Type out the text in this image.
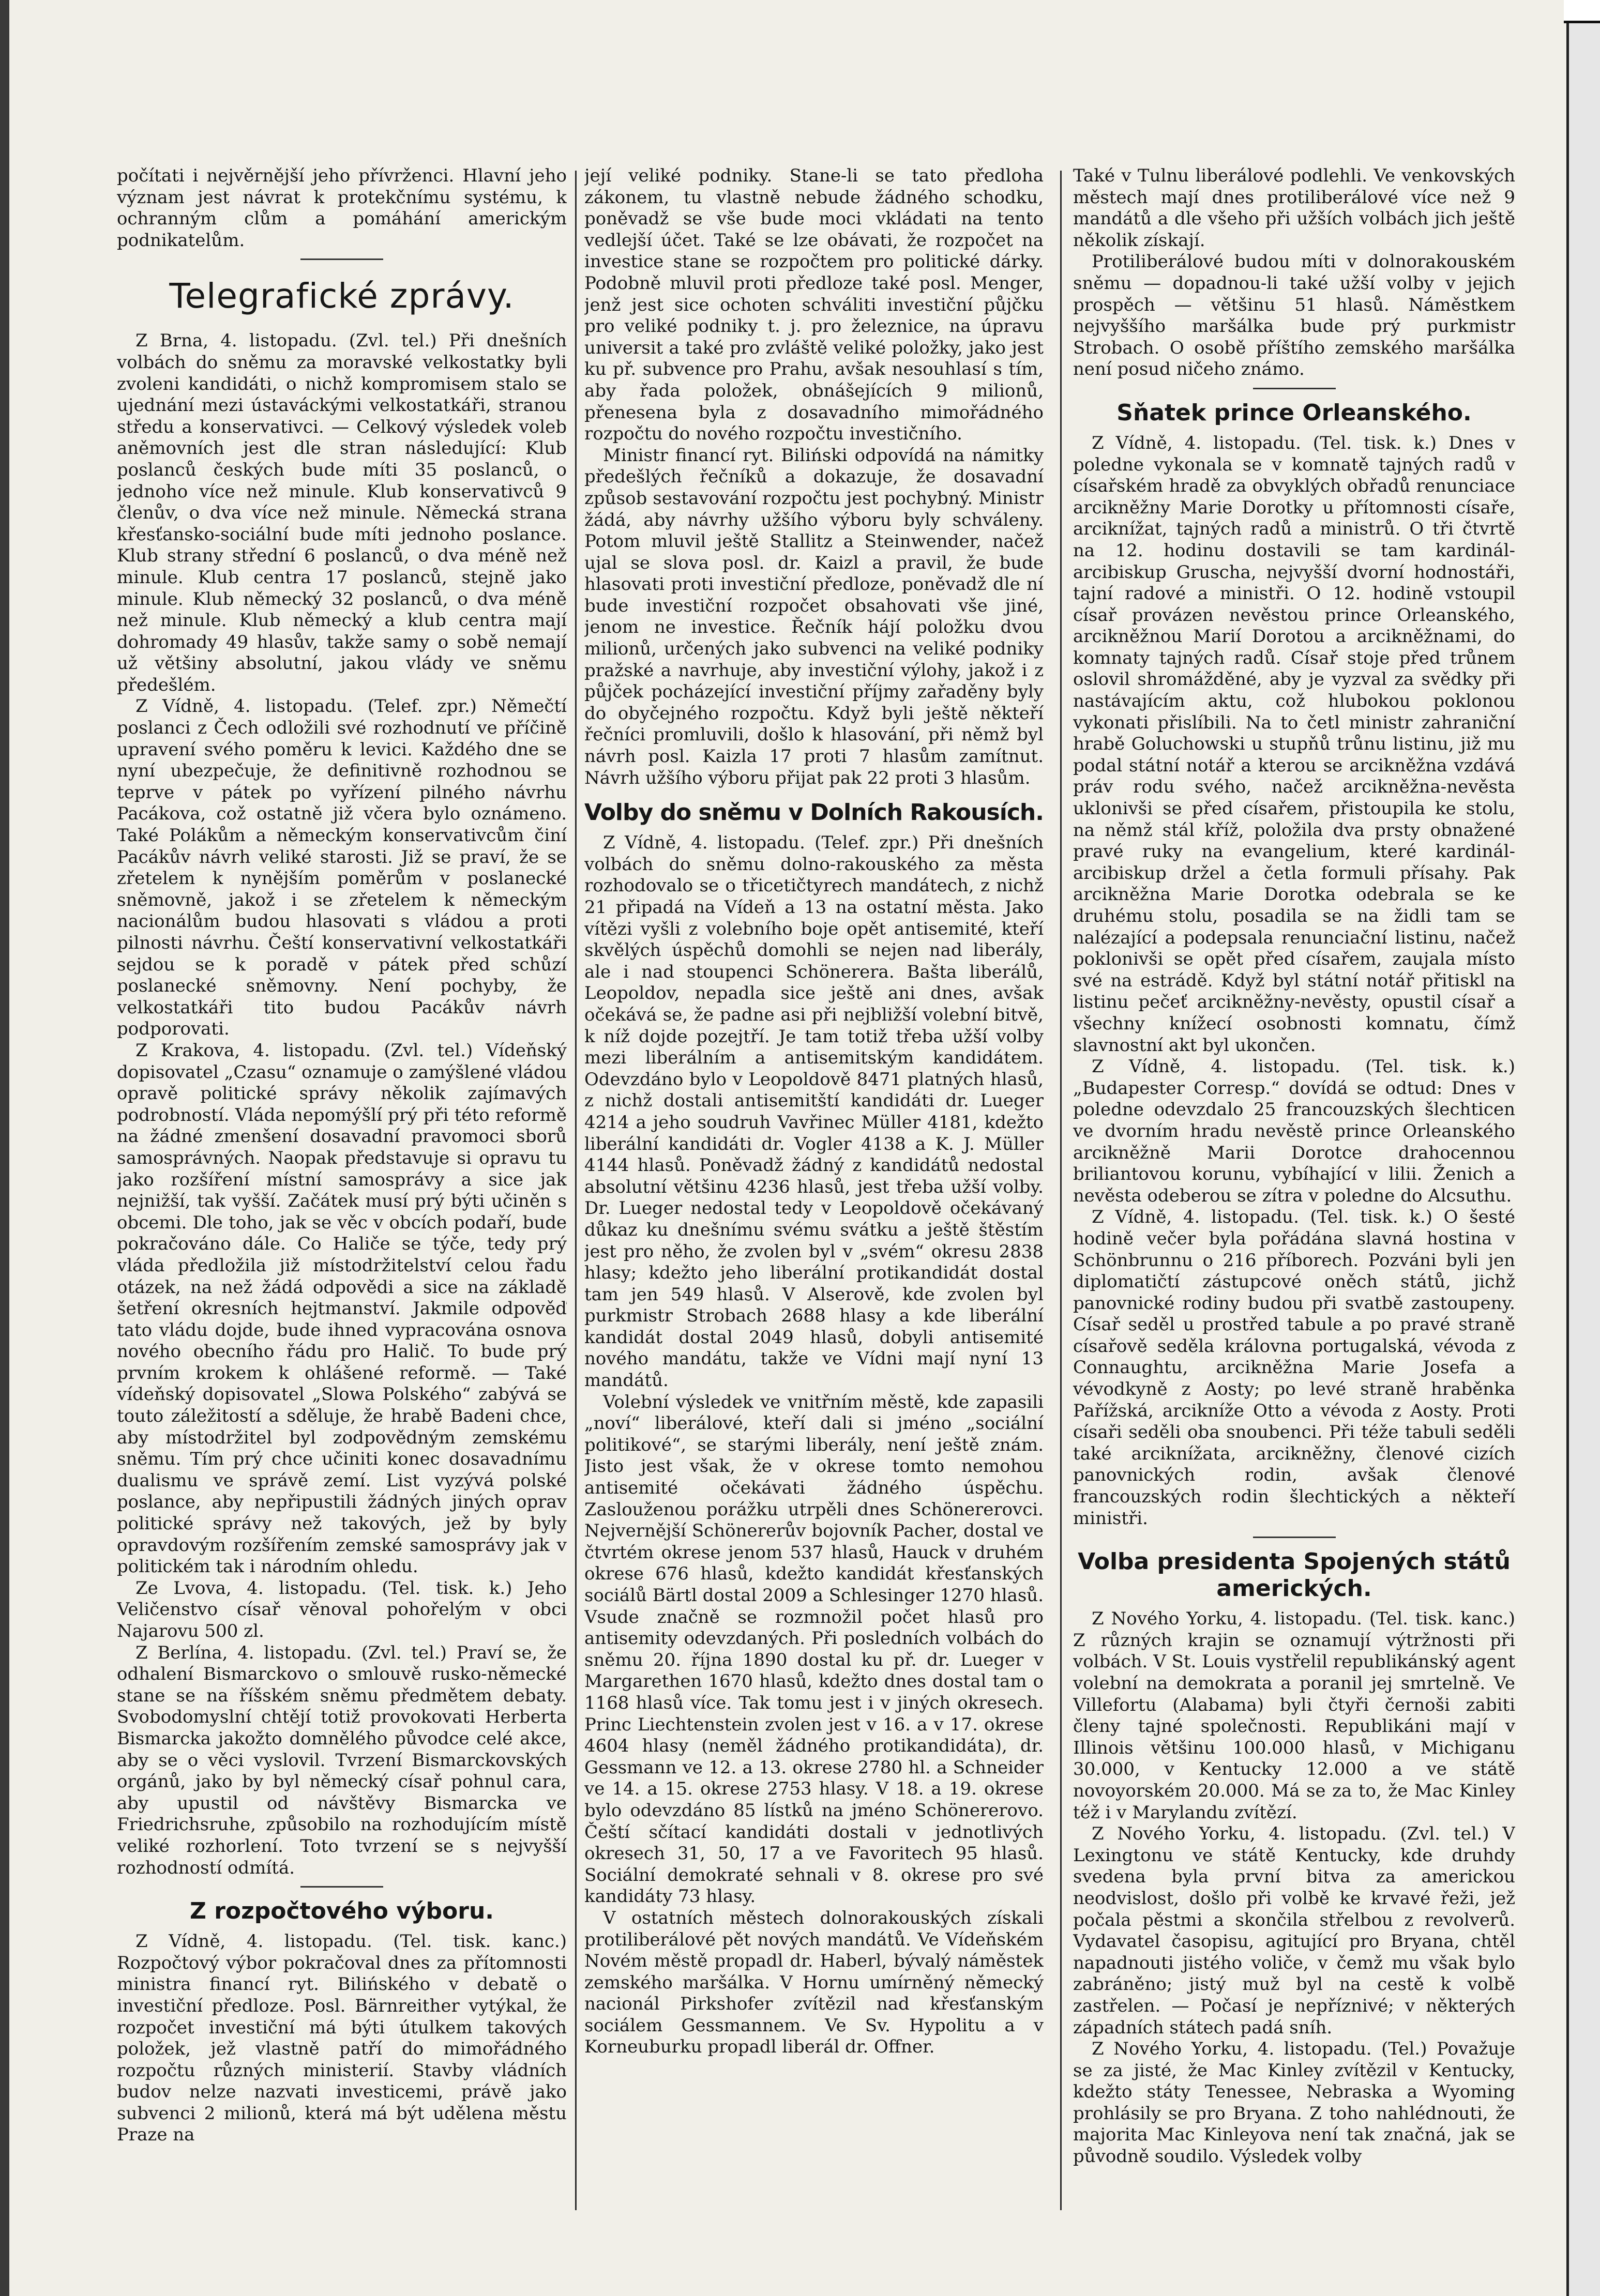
počítati i nejvěrnější jeho přívrženci. Hlavní jeho význam jest návrat k protekčnímu systému, k ochranným clům a pomáhání americkým podnikatelům.

Telegrafické zprávy.

Z Brna, 4. listopadu. (Zvl. tel.) Při dnešních volbách do sněmu za moravské velkostatky byli zvoleni kandidáti, o nichž kompromisem stalo se ujednání mezi ústaváckými velkostatkáři, stranou středu a konservativci. — Celkový výsledek voleb aněmovních jest dle stran následující: Klub poslanců českých bude míti 35 poslanců, o jednoho více než minule. Klub konservativců 9 členův, o dva více než minule. Německá strana křesťansko-sociální bude míti jednoho poslance. Klub strany střední 6 poslanců, o dva méně než minule. Klub centra 17 poslanců, stejně jako minule. Klub německý 32 poslanců, o dva méně než minule. Klub německý a klub centra mají dohromady 49 hlasův, takže samy o sobě nemají už většiny absolutní, jakou vlády ve sněmu předešlém.

Z Vídně, 4. listopadu. (Telef. zpr.) Němečtí poslanci z Čech odložili své rozhodnutí ve příčině upravení svého poměru k levici. Každého dne se nyní ubezpečuje, že definitivně rozhodnou se teprve v pátek po vyřízení pilného návrhu Pacákova, což ostatně již včera bylo oznámeno. Také Polákům a německým konservativcům činí Pacákův návrh veliké starosti. Již se praví, že se zřetelem k nynějším poměrům v poslanecké sněmovně, jakož i se zřetelem k německým nacionálům budou hlasovati s vládou a proti pilnosti návrhu. Čeští konservativní velkostatkáři sejdou se k poradě v pátek před schůzí poslanecké sněmovny. Není pochyby, že velkostatkáři tito budou Pacákův návrh podporovati.

Z Krakova, 4. listopadu. (Zvl. tel.) Vídeňský dopisovatel „Czasu“ oznamuje o zamýšlené vládou opravě politické správy několik zajímavých podrobností. Vláda nepomýšlí prý při této reformě na žádné zmenšení dosavadní pravomoci sborů samosprávných. Naopak představuje si opravu tu jako rozšíření místní samosprávy a sice jak nejnižší, tak vyšší. Začátek musí prý býti učiněn s obcemi. Dle toho, jak se věc v obcích podaří, bude pokračováno dále. Co Haliče se týče, tedy prý vláda předložila již místodržitelství celou řadu otázek, na než žádá odpovědi a sice na základě šetření okresních hejtmanství. Jakmile odpověď tato vládu dojde, bude ihned vypracována osnova nového obecního řádu pro Halič. To bude prý prvním krokem k ohlášené reformě. — Také vídeňský dopisovatel „Slowa Polského“ zabývá se touto záležitostí a sděluje, že hrabě Badeni chce, aby místodržitel byl zodpovědným zemskému sněmu. Tím prý chce učiniti konec dosavadnímu dualismu ve správě zemí. List vyzývá polské poslance, aby nepřipustili žádných jiných oprav politické správy než takových, jež by byly opravdovým rozšířením zemské samosprávy jak v politickém tak i národním ohledu.

Ze Lvova, 4. listopadu. (Tel. tisk. k.) Jeho Veličenstvo císař věnoval pohořelým v obci Najarovu 500 zl.

Z Berlína, 4. listopadu. (Zvl. tel.) Praví se, že odhalení Bismarckovo o smlouvě rusko-německé stane se na říšském sněmu předmětem debaty. Svobodomyslní chtějí totiž provokovati Herberta Bismarcka jakožto domnělého původce celé akce, aby se o věci vyslovil. Tvrzení Bismarckovských orgánů, jako by byl německý císař pohnul cara, aby upustil od návštěvy Bismarcka ve Friedrichsruhe, způsobilo na rozhodujícím místě veliké rozhorlení. Toto tvrzení se s nejvyšší rozhodností odmítá.

Z rozpočtového výboru.

Z Vídně, 4. listopadu. (Tel. tisk. kanc.) Rozpočtový výbor pokračoval dnes za přítomnosti ministra financí ryt. Bilińského v debatě o investiční předloze. Posl. Bärnreither vytýkal, že rozpočet investiční má býti útulkem takových položek, jež vlastně patří do mimořádného rozpočtu různých ministerií. Stavby vládních budov nelze nazvati investicemi, právě jako subvenci 2 milionů, která má být udělena městu Praze na

její veliké podniky. Stane-li se tato předloha zákonem, tu vlastně nebude žádného schodku, poněvadž se vše bude moci vkládati na tento vedlejší účet. Také se lze obávati, že rozpočet na investice stane se rozpočtem pro politické dárky. Podobně mluvil proti předloze také posl. Menger, jenž jest sice ochoten schváliti investiční půjčku pro veliké podniky t. j. pro železnice, na úpravu universit a také pro zvláště veliké položky, jako jest ku př. subvence pro Prahu, avšak nesouhlasí s tím, aby řada položek, obnášejících 9 milionů, přenesena byla z dosavadního mimořádného rozpočtu do nového rozpočtu investičního.

Ministr financí ryt. Biliński odpovídá na námitky předešlých řečníků a dokazuje, že dosavadní způsob sestavování rozpočtu jest pochybný. Ministr žádá, aby návrhy užšího výboru byly schváleny. Potom mluvil ještě Stallitz a Steinwender, načež ujal se slova posl. dr. Kaizl a pravil, že bude hlasovati proti investiční předloze, poněvadž dle ní bude investiční rozpočet obsahovati vše jiné, jenom ne investice. Řečník hájí položku dvou milionů, určených jako subvenci na veliké podniky pražské a navrhuje, aby investiční výlohy, jakož i z půjček pocházející investiční příjmy zařaděny byly do obyčejného rozpočtu. Když byli ještě někteří řečníci promluvili, došlo k hlasování, při němž byl návrh posl. Kaizla 17 proti 7 hlasům zamítnut. Návrh užšího výboru přijat pak 22 proti 3 hlasům.

Volby do sněmu v Dolních Rakousích.

Z Vídně, 4. listopadu. (Telef. zpr.) Při dnešních volbách do sněmu dolno-rakouského za města rozhodovalo se o třicetičtyrech mandátech, z nichž 21 připadá na Vídeň a 13 na ostatní města. Jako vítězi vyšli z volebního boje opět antisemité, kteří skvělých úspěchů domohli se nejen nad liberály, ale i nad stoupenci Schönerera. Bašta liberálů, Leopoldov, nepadla sice ještě ani dnes, avšak očekává se, že padne asi při nejbližší volební bitvě, k níž dojde pozejtří. Je tam totiž třeba užší volby mezi liberálním a antisemitským kandidátem. Odevzdáno bylo v Leopoldově 8471 platných hlasů, z nichž dostali antisemitští kandidáti dr. Lueger 4214 a jeho soudruh Vavřinec Müller 4181, kdežto liberální kandidáti dr. Vogler 4138 a K. J. Müller 4144 hlasů. Poněvadž žádný z kandidátů nedostal absolutní většinu 4236 hlasů, jest třeba užší volby. Dr. Lueger nedostal tedy v Leopoldově očekávaný důkaz ku dnešnímu svému svátku a ještě štěstím jest pro něho, že zvolen byl v „svém“ okresu 2838 hlasy; kdežto jeho liberální protikandidát dostal tam jen 549 hlasů. V Alserově, kde zvolen byl purkmistr Strobach 2688 hlasy a kde liberální kandidát dostal 2049 hlasů, dobyli antisemité nového mandátu, takže ve Vídni mají nyní 13 mandátů.

Volební výsledek ve vnitřním městě, kde zapasili „noví“ liberálové, kteří dali si jméno „sociální politikové“, se starými liberály, není ještě znám. Jisto jest však, že v okrese tomto nemohou antisemité očekávati žádného úspěchu. Zaslouženou porážku utrpěli dnes Schönererovci. Nejvernější Schönererův bojovník Pacher, dostal ve čtvrtém okrese jenom 537 hlasů, Hauck v druhém okrese 676 hlasů, kdežto kandidát křesťanských sociálů Bärtl dostal 2009 a Schlesinger 1270 hlasů. Vsude značně se rozmnožil počet hlasů pro antisemity odevzdaných. Při posledních volbách do sněmu 20. října 1890 dostal ku př. dr. Lueger v Margarethen 1670 hlasů, kdežto dnes dostal tam o 1168 hlasů více. Tak tomu jest i v jiných okresech. Princ Liechtenstein zvolen jest v 16. a v 17. okrese 4604 hlasy (neměl žádného protikandidáta), dr. Gessmann ve 12. a 13. okrese 2780 hl. a Schneider ve 14. a 15. okrese 2753 hlasy. V 18. a 19. okrese bylo odevzdáno 85 lístků na jméno Schönererovo. Čeští sčítací kandidáti dostali v jednotlivých okresech 31, 50, 17 a ve Favoritech 95 hlasů. Sociální demokraté sehnali v 8. okrese pro své kandidáty 73 hlasy.

V ostatních městech dolnorakouských získali protiliberálové pět nových mandátů. Ve Vídeňském Novém městě propadl dr. Haberl, bývalý náměstek zemského maršálka. V Hornu umírněný německý nacionál Pirkshofer zvítězil nad křesťanským sociálem Gessmannem. Ve Sv. Hypolitu a v Korneuburku propadl liberál dr. Offner.

Také v Tulnu liberálové podlehli. Ve venkovských městech mají dnes protiliberálové více než 9 mandátů a dle všeho při užších volbách jich ještě několik získají.

Protiliberálové budou míti v dolnorakouském sněmu — dopadnou-li také užší volby v jejich prospěch — většinu 51 hlasů. Náměstkem nejvyššího maršálka bude prý purkmistr Strobach. O osobě příštího zemského maršálka není posud ničeho známo.

Sňatek prince Orleanského.

Z Vídně, 4. listopadu. (Tel. tisk. k.) Dnes v poledne vykonala se v komnatě tajných radů v císařském hradě za obvyklých obřadů renunciace arcikněžny Marie Dorotky u přítomnosti císaře, arciknížat, tajných radů a ministrů. O tři čtvrtě na 12. hodinu dostavili se tam kardinál-arcibiskup Gruscha, nejvyšší dvorní hodnostáři, tajní radové a ministři. O 12. hodině vstoupil císař provázen nevěstou prince Orleanského, arcikněžnou Marií Dorotou a arcikněžnami, do komnaty tajných radů. Císař stoje před trůnem oslovil shromážděné, aby je vyzval za svědky při nastávajícím aktu, což hlubokou poklonou vykonati přislíbili. Na to četl ministr zahraniční hrabě Goluchowski u stupňů trůnu listinu, již mu podal státní notář a kterou se arcikněžna vzdává práv rodu svého, načež arcikněžna-nevěsta uklonivši se před císařem, přistoupila ke stolu, na němž stál kříž, položila dva prsty obnažené pravé ruky na evangelium, které kardinál-arcibiskup držel a četla formuli přísahy. Pak arcikněžna Marie Dorotka odebrala se ke druhému stolu, posadila se na židli tam se nalézající a podepsala renunciační listinu, načež poklonivši se opět před císařem, zaujala místo své na estrádě. Když byl státní notář přitiskl na listinu pečeť arcikněžny-nevěsty, opustil císař a všechny knížecí osobnosti komnatu, čímž slavnostní akt byl ukončen.

Z Vídně, 4. listopadu. (Tel. tisk. k.) „Budapester Corresp.“ dovídá se odtud: Dnes v poledne odevzdalo 25 francouzských šlechticen ve dvorním hradu nevěstě prince Orleanského arcikněžně Marii Dorotce drahocennou briliantovou korunu, vybíhající v lilii. Ženich a nevěsta odeberou se zítra v poledne do Alcsuthu.

Z Vídně, 4. listopadu. (Tel. tisk. k.) O šesté hodině večer byla pořádána slavná hostina v Schönbrunnu o 216 příborech. Pozváni byli jen diplomatičtí zástupcové oněch států, jichž panovnické rodiny budou při svatbě zastoupeny. Císař seděl u prostřed tabule a po pravé straně císařově seděla královna portugalská, vévoda z Connaughtu, arcikněžna Marie Josefa a vévodkyně z Aosty; po levé straně hraběnka Pařížská, arcikníže Otto a vévoda z Aosty. Proti císaři seděli oba snoubenci. Při téže tabuli seděli také arciknížata, arcikněžny, členové cizích panovnických rodin, avšak členové francouzských rodin šlechtických a někteří ministři.

Volba presidenta Spojených států amerických.

Z Nového Yorku, 4. listopadu. (Tel. tisk. kanc.) Z různých krajin se oznamují výtržnosti při volbách. V St. Louis vystřelil republikánský agent volební na demokrata a poranil jej smrtelně. Ve Villefortu (Alabama) byli čtyři černoši zabiti členy tajné společnosti. Republikáni mají v Illinois většinu 100.000 hlasů, v Michiganu 30.000, v Kentucky 12.000 a ve státě novoyorském 20.000. Má se za to, že Mac Kinley též i v Marylandu zvítězí.

Z Nového Yorku, 4. listopadu. (Zvl. tel.) V Lexingtonu ve státě Kentucky, kde druhdy svedena byla první bitva za americkou neodvislost, došlo při volbě ke krvavé řeži, jež počala pěstmi a skončila střelbou z revolverů. Vydavatel časopisu, agitující pro Bryana, chtěl napadnouti jistého voliče, v čemž mu však bylo zabráněno; jistý muž byl na cestě k volbě zastřelen. — Počasí je nepříznivé; v některých západních státech padá sníh.

Z Nového Yorku, 4. listopadu. (Tel.) Považuje se za jisté, že Mac Kinley zvítězil v Kentucky, kdežto státy Tenessee, Nebraska a Wyoming prohlásily se pro Bryana. Z toho nahlédnouti, že majorita Mac Kinleyova není tak značná, jak se původně soudilo. Výsledek volby
